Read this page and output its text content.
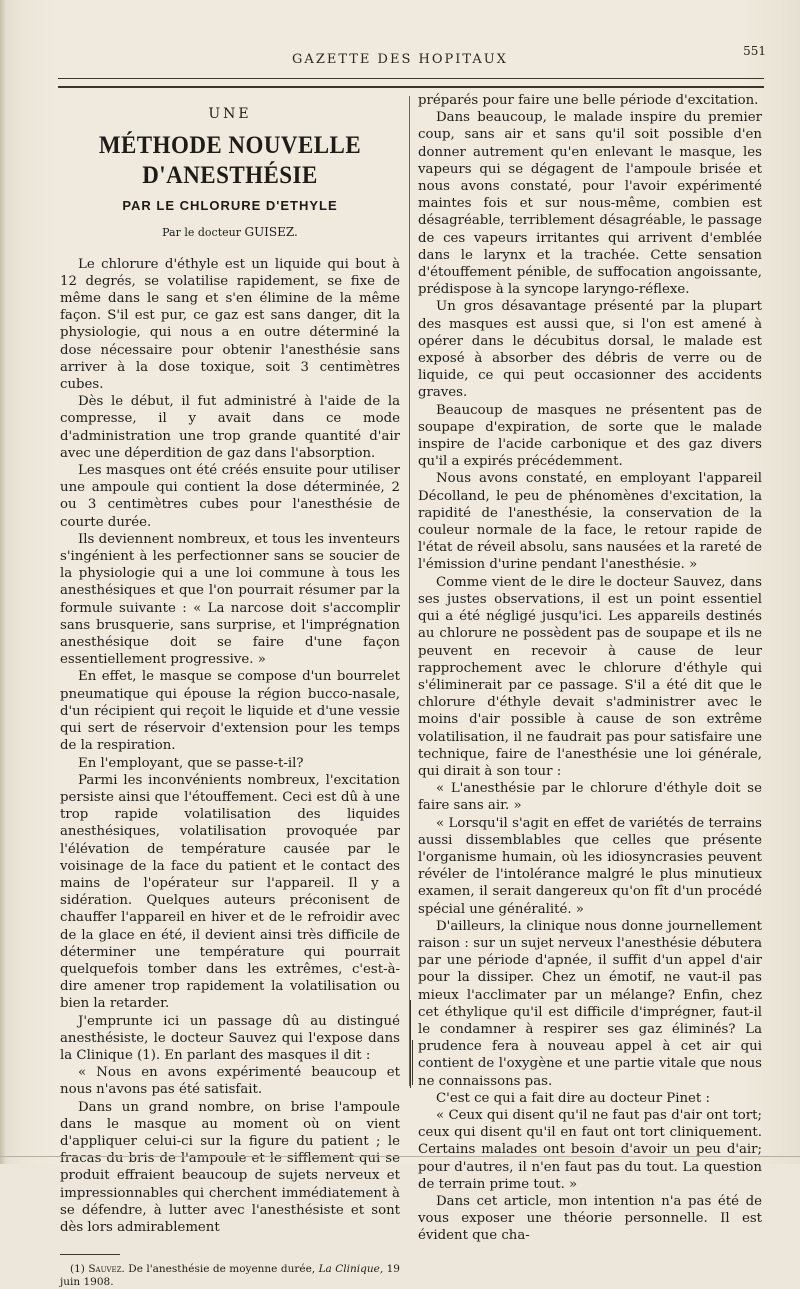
GAZETTE DES HOPITAUX
551
UNE
MÉTHODE NOUVELLE D'ANESTHÉSIE
PAR LE CHLORURE D'ETHYLE
Par le docteur GUISEZ.

Le chlorure d'éthyle est un liquide qui bout à 12 degrés, se volatilise rapidement, se fixe de même dans le sang et s'en élimine de la même façon. S'il est pur, ce gaz est sans danger, dit la physiologie, qui nous a en outre déterminé la dose nécessaire pour obtenir l'anesthésie sans arriver à la dose toxique, soit 3 centimètres cubes.

Dès le début, il fut administré à l'aide de la compresse, il y avait dans ce mode d'administration une trop grande quantité d'air avec une déperdition de gaz dans l'absorption.

Les masques ont été créés ensuite pour utiliser une ampoule qui contient la dose déterminée, 2 ou 3 centimètres cubes pour l'anesthésie de courte durée.

Ils deviennent nombreux, et tous les inventeurs s'ingénient à les perfectionner sans se soucier de la physiologie qui a une loi commune à tous les anesthésiques et que l'on pourrait résumer par la formule suivante : « La narcose doit s'accomplir sans brusquerie, sans surprise, et l'imprégnation anesthésique doit se faire d'une façon essentiellement progressive. »

En effet, le masque se compose d'un bourrelet pneumatique qui épouse la région bucco-nasale, d'un récipient qui reçoit le liquide et d'une vessie qui sert de réservoir d'extension pour les temps de la respiration.

En l'employant, que se passe-t-il?

Parmi les inconvénients nombreux, l'excitation persiste ainsi que l'étouffement. Ceci est dû à une trop rapide volatilisation des liquides anesthésiques, volatilisation provoquée par l'élévation de température causée par le voisinage de la face du patient et le contact des mains de l'opérateur sur l'appareil. Il y a sidération. Quelques auteurs préconisent de chauffer l'appareil en hiver et de le refroidir avec de la glace en été, il devient ainsi très difficile de déterminer une température qui pourrait quelquefois tomber dans les extrêmes, c'est-à-dire amener trop rapidement la volatilisation ou bien la retarder.

J'emprunte ici un passage dû au distingué anesthésiste, le docteur Sauvez qui l'expose dans la Clinique (1). En parlant des masques il dit :

« Nous en avons expérimenté beaucoup et nous n'avons pas été satisfait.

Dans un grand nombre, on brise l'ampoule dans le masque au moment où on vient d'appliquer celui-ci sur la figure du patient ; le fracas du bris de l'ampoule et le sifflement qui se produit effraient beaucoup de sujets nerveux et impressionnables qui cherchent immédiatement à se défendre, à lutter avec l'anesthésiste et sont dès lors admirablement

(1) Sauvez. De l'anesthésie de moyenne durée, La Clinique, 19 juin 1908.

préparés pour faire une belle période d'excitation.

Dans beaucoup, le malade inspire du premier coup, sans air et sans qu'il soit possible d'en donner autrement qu'en enlevant le masque, les vapeurs qui se dégagent de l'ampoule brisée et nous avons constaté, pour l'avoir expérimenté maintes fois et sur nous-même, combien est désagréable, terriblement désagréable, le passage de ces vapeurs irritantes qui arrivent d'emblée dans le larynx et la trachée. Cette sensation d'étouffement pénible, de suffocation angoissante, prédispose à la syncope laryngo-réflexe.

Un gros désavantage présenté par la plupart des masques est aussi que, si l'on est amené à opérer dans le décubitus dorsal, le malade est exposé à absorber des débris de verre ou de liquide, ce qui peut occasionner des accidents graves.

Beaucoup de masques ne présentent pas de soupape d'expiration, de sorte que le malade inspire de l'acide carbonique et des gaz divers qu'il a expirés précédemment.

Nous avons constaté, en employant l'appareil Décolland, le peu de phénomènes d'excitation, la rapidité de l'anesthésie, la conservation de la couleur normale de la face, le retour rapide de l'état de réveil absolu, sans nausées et la rareté de l'émission d'urine pendant l'anesthésie. »

Comme vient de le dire le docteur Sauvez, dans ses justes observations, il est un point essentiel qui a été négligé jusqu'ici. Les appareils destinés au chlorure ne possèdent pas de soupape et ils ne peuvent en recevoir à cause de leur rapprochement avec le chlorure d'éthyle qui s'éliminerait par ce passage. S'il a été dit que le chlorure d'éthyle devait s'administrer avec le moins d'air possible à cause de son extrême volatilisation, il ne faudrait pas pour satisfaire une technique, faire de l'anesthésie une loi générale, qui dirait à son tour :

« L'anesthésie par le chlorure d'éthyle doit se faire sans air. »

« Lorsqu'il s'agit en effet de variétés de terrains aussi dissemblables que celles que présente l'organisme humain, où les idiosyncrasies peuvent révéler de l'intolérance malgré le plus minutieux examen, il serait dangereux qu'on fît d'un procédé spécial une généralité. »

D'ailleurs, la clinique nous donne journellement raison : sur un sujet nerveux l'anesthésie débutera par une période d'apnée, il suffit d'un appel d'air pour la dissiper. Chez un émotif, ne vaut-il pas mieux l'acclimater par un mélange? Enfin, chez cet éthylique qu'il est difficile d'imprégner, faut-il le condamner à respirer ses gaz éliminés? La prudence fera à nouveau appel à cet air qui contient de l'oxygène et une partie vitale que nous ne connaissons pas.

C'est ce qui a fait dire au docteur Pinet :

« Ceux qui disent qu'il ne faut pas d'air ont tort; ceux qui disent qu'il en faut ont tort cliniquement. Certains malades ont besoin d'avoir un peu d'air; pour d'autres, il n'en faut pas du tout. La question de terrain prime tout. »

Dans cet article, mon intention n'a pas été de vous exposer une théorie personnelle. Il est évident que cha-
